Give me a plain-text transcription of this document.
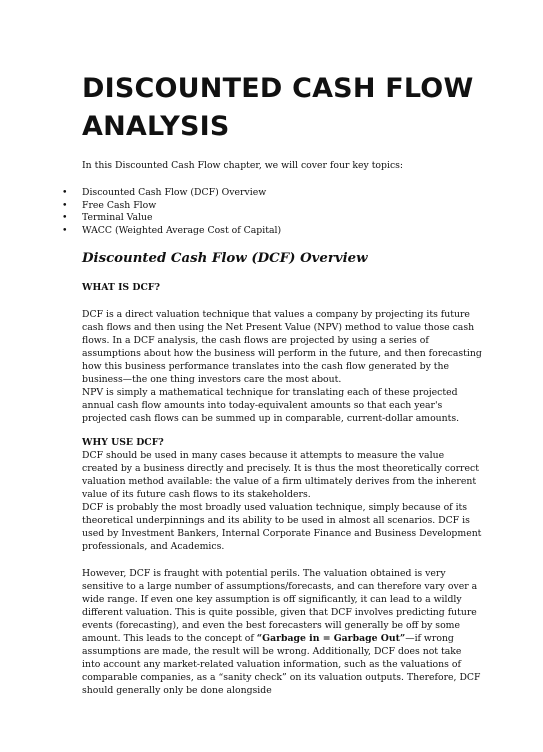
DISCOUNTED CASH FLOW ANALYSIS

In this Discounted Cash Flow chapter, we will cover four key topics:

• Discounted Cash Flow (DCF) Overview
• Free Cash Flow
• Terminal Value
• WACC (Weighted Average Cost of Capital)
Discounted Cash Flow (DCF) Overview
WHAT IS DCF?

DCF is a direct valuation technique that values a company by projecting its future cash flows and then using the Net Present Value (NPV) method to value those cash flows. In a DCF analysis, the cash flows are projected by using a series of assumptions about how the business will perform in the future, and then forecasting how this business performance translates into the cash flow generated by the business—the one thing investors care the most about.

NPV is simply a mathematical technique for translating each of these projected annual cash flow amounts into today-equivalent amounts so that each year's projected cash flows can be summed up in comparable, current-dollar amounts.

WHY USE DCF?

DCF should be used in many cases because it attempts to measure the value created by a business directly and precisely. It is thus the most theoretically correct valuation method available: the value of a firm ultimately derives from the inherent value of its future cash flows to its stakeholders.

DCF is probably the most broadly used valuation technique, simply because of its theoretical underpinnings and its ability to be used in almost all scenarios. DCF is used by Investment Bankers, Internal Corporate Finance and Business Development professionals, and Academics.

However, DCF is fraught with potential perils. The valuation obtained is very sensitive to a large number of assumptions/forecasts, and can therefore vary over a wide range. If even one key assumption is off significantly, it can lead to a wildly different valuation. This is quite possible, given that DCF involves predicting future events (forecasting), and even the best forecasters will generally be off by some amount. This leads to the concept of “Garbage in = Garbage Out”—if wrong assumptions are made, the result will be wrong. Additionally, DCF does not take into account any market-related valuation information, such as the valuations of comparable companies, as a “sanity check” on its valuation outputs. Therefore, DCF should generally only be done alongside
